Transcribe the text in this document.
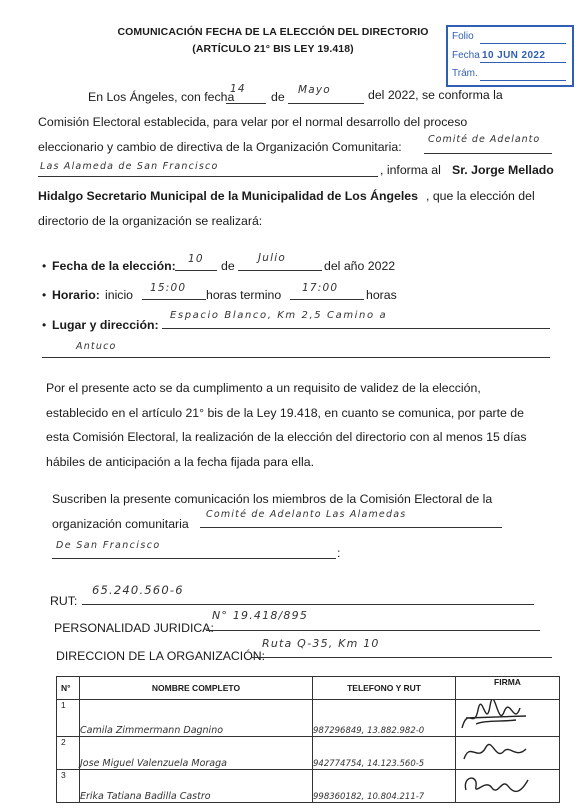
COMUNICACIÓN FECHA DE LA ELECCIÓN DEL DIRECTORIO
(ARTÍCULO 21° BIS LEY 19.418)
Folio
Fecha 10 JUN 2022
Trám.
En Los Ángeles, con fecha
14
de Mayo	del 2022, se conforma la
Comisión Electoral establecida, para velar por el normal desarrollo del proceso
eleccionario y cambio de directiva de la Organización Comunitaria:
Comité de Adelanto
Las Alameda de San Francisco	, informa al Sr. Jorge Mellado
Hidalgo Secretario Municipal de la Municipalidad de Los Ángeles , que la elección del
directorio de la organización se realizará:
• Fecha de la elección: 10 de
Julio
del año 2022
• Horario: inicio 15:00 horas termino 17:00 horas
• Lugar y dirección:
Espacio Blanco, Km 2,5 Camino a
Antuco
Por el presente acto se da cumplimento a un requisito de validez de la elección,
establecido en el artículo 21° bis de la Ley 19.418, en cuanto se comunica, por parte de
esta Comisión Electoral, la realización de la elección del directorio con al menos 15 días
hábiles de anticipación a la fecha fijada para ella.
Suscriben la presente comunicación los miembros de la Comisión Electoral de la
organización comunitaria
Comité de Adelanto Las Alamedas
De San Francisco
:
RUT:
65.240.560-6
PERSONALIDAD JURIDICA:
N° 19.418/895
DIRECCION DE LA ORGANIZACIÓN:
Ruta Q-35, Km 10
N°	NOMBRE COMPLETO	TELEFONO Y RUT	FIRMA
1	Camila Zimmermann Dagnino	987296849, 13.882.982-0	
2	Jose Miguel Valenzuela Moraga	942774754, 14.123.560-5	
3	Erika Tatiana Badilla Castro	998360182, 10.804.211-7	
